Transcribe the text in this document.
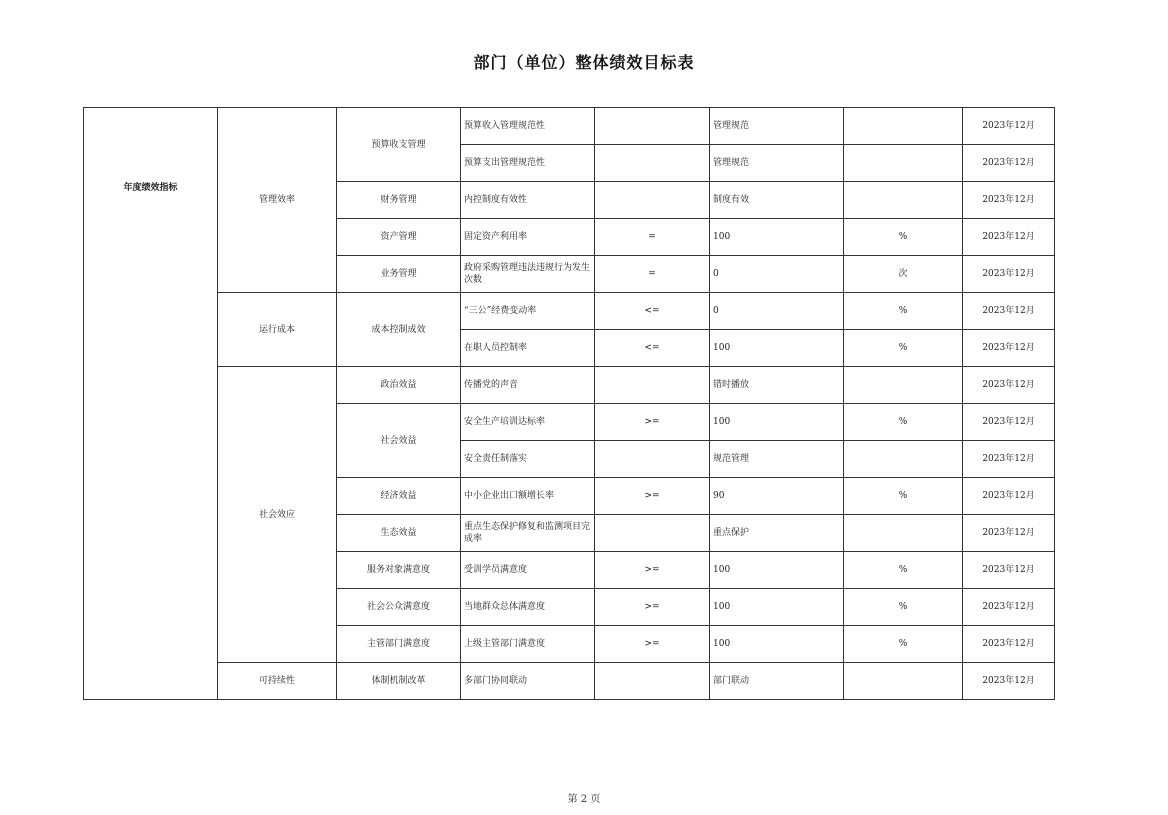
部门（单位）整体绩效目标表
年度绩效指标	管理效率	预算收支管理	预算收入管理规范性		管理规范		2023年12月
			预算支出管理规范性		管理规范		2023年12月
		财务管理	内控制度有效性		制度有效		2023年12月
		资产管理	固定资产利用率	=	100	%	2023年12月
		业务管理	政府采购管理违法违规行为发生次数	=	0	次	2023年12月
	运行成本	成本控制成效	“三公”经费变动率	<=	0	%	2023年12月
			在职人员控制率	<=	100	%	2023年12月
	社会效应	政治效益	传播党的声音		错时播放		2023年12月
		社会效益	安全生产培训达标率	>=	100	%	2023年12月
			安全责任制落实		规范管理		2023年12月
		经济效益	中小企业出口额增长率	>=	90	%	2023年12月
		生态效益	重点生态保护修复和监测项目完成率		重点保护		2023年12月
		服务对象满意度	受训学员满意度	>=	100	%	2023年12月
		社会公众满意度	当地群众总体满意度	>=	100	%	2023年12月
		主管部门满意度	上级主管部门满意度	>=	100	%	2023年12月
	可持续性	体制机制改革	多部门协同联动		部门联动		2023年12月
第 2 页
